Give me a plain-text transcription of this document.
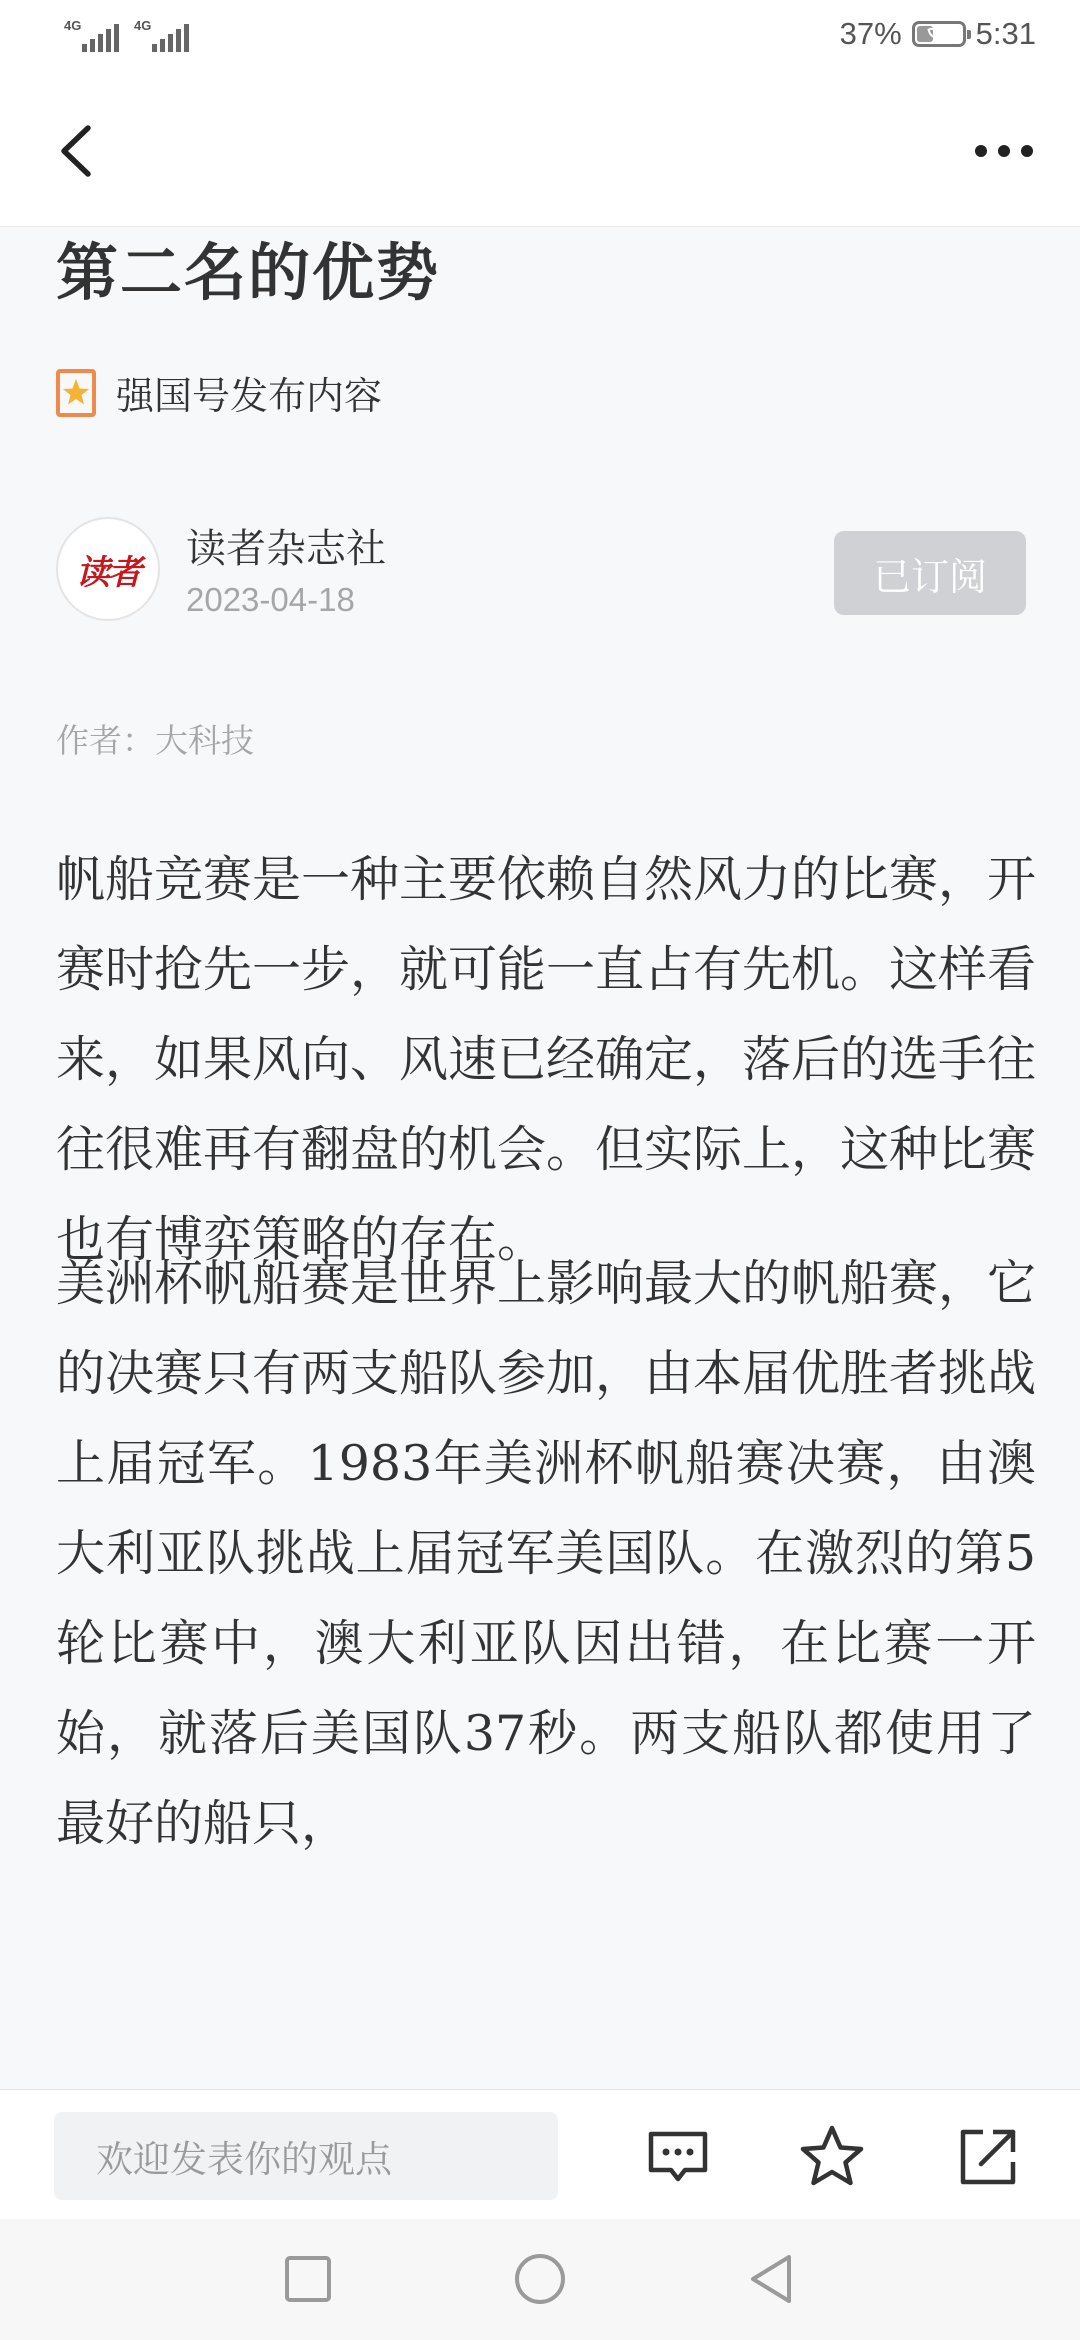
4G	4G	37% 5:31
第二名的优势
强国号发布内容
读者
读者杂志社
2023-04-18
已订阅
作者：大科技

帆船竞赛是一种主要依赖自然风力的比赛，开赛时抢先一步，就可能一直占有先机。这样看来，如果风向、风速已经确定，落后的选手往往很难再有翻盘的机会。但实际上，这种比赛也有博弈策略的存在。

美洲杯帆船赛是世界上影响最大的帆船赛，它的决赛只有两支船队参加，由本届优胜者挑战上届冠军。1983年美洲杯帆船赛决赛，由澳大利亚队挑战上届冠军美国队。在激烈的第5轮比赛中，澳大利亚队因出错，在比赛一开始，就落后美国队37秒。两支船队都使用了最好的船只，

欢迎发表你的观点
